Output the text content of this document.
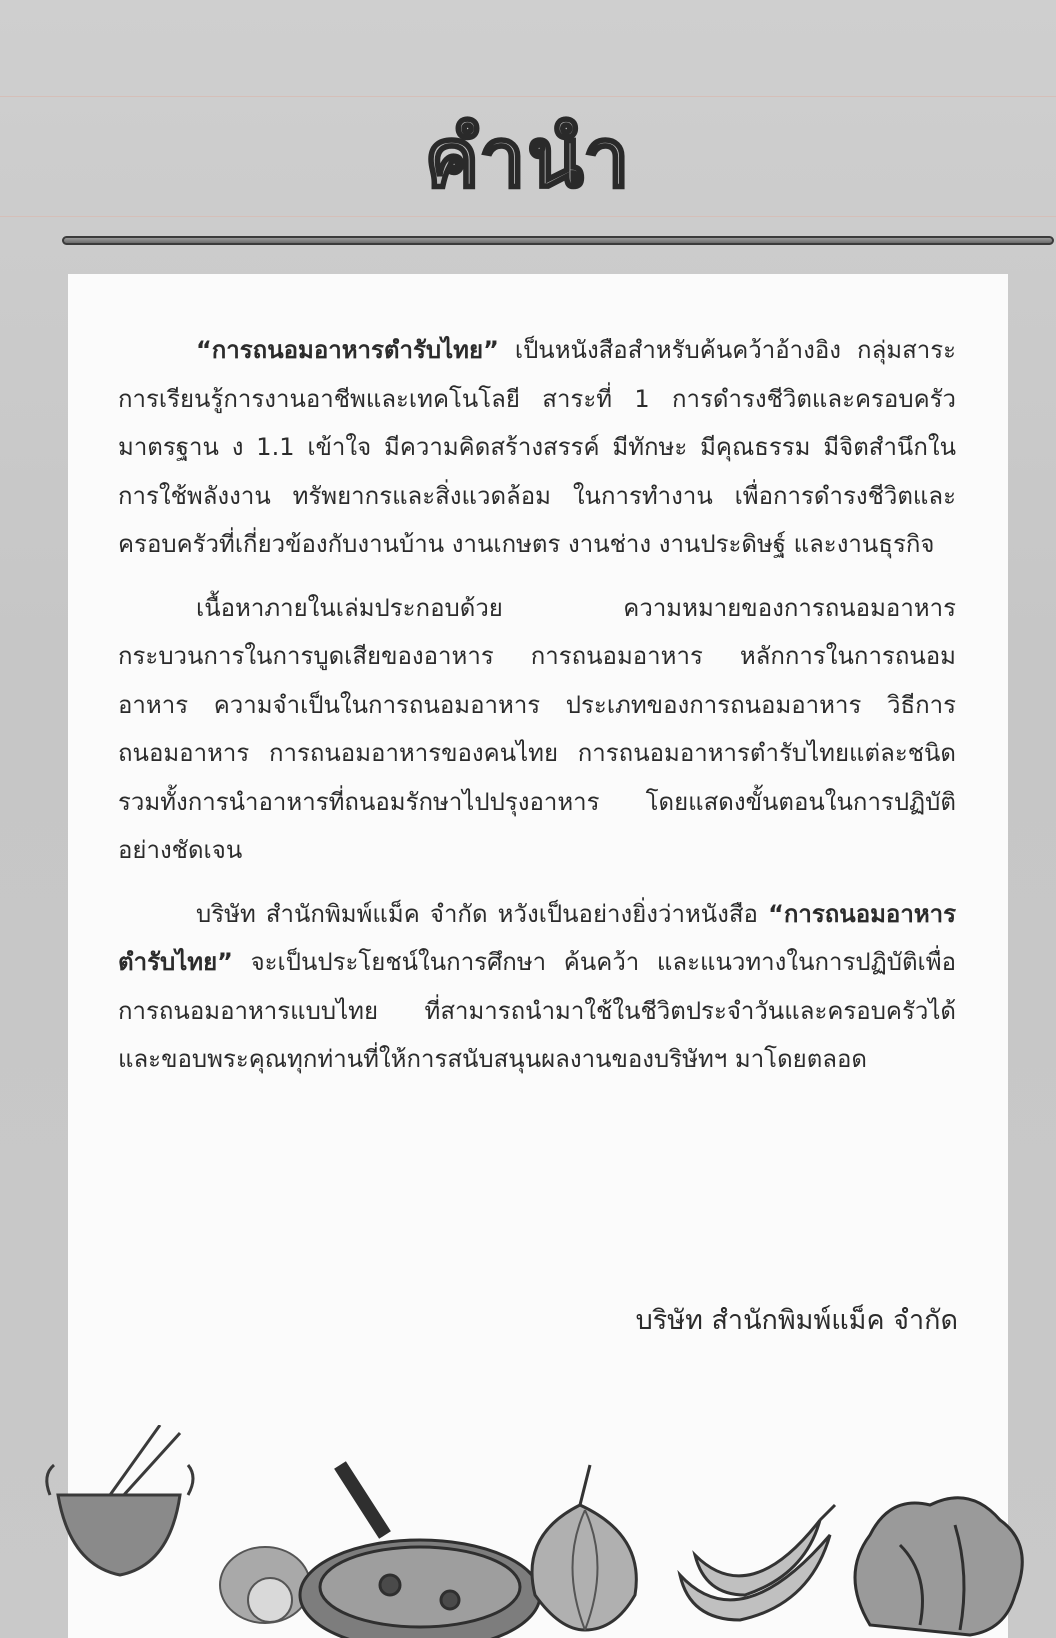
คำนำ

“การถนอมอาหารตำรับไทย” เป็นหนังสือสำหรับค้นคว้าอ้างอิง กลุ่มสาระการเรียนรู้การงานอาชีพและเทคโนโลยี สาระที่ 1 การดำรงชีวิตและครอบครัว มาตรฐาน ง 1.1 เข้าใจ มีความคิดสร้างสรรค์ มีทักษะ มีคุณธรรม มีจิตสำนึกในการใช้พลังงาน ทรัพยากรและสิ่งแวดล้อม ในการทำงาน เพื่อการดำรงชีวิตและครอบครัวที่เกี่ยวข้องกับงานบ้าน งานเกษตร งานช่าง งานประดิษฐ์ และงานธุรกิจ

เนื้อหาภายในเล่มประกอบด้วย ความหมายของการถนอมอาหาร กระบวนการในการบูดเสียของอาหาร การถนอมอาหาร หลักการในการถนอมอาหาร ความจำเป็นในการถนอมอาหาร ประเภทของการถนอมอาหาร วิธีการถนอมอาหาร การถนอมอาหารของคนไทย การถนอมอาหารตำรับไทยแต่ละชนิด รวมทั้งการนำอาหารที่ถนอมรักษาไปปรุงอาหาร โดยแสดงขั้นตอนในการปฏิบัติอย่างชัดเจน

บริษัท สำนักพิมพ์แม็ค จำกัด หวังเป็นอย่างยิ่งว่าหนังสือ “การถนอมอาหารตำรับไทย” จะเป็นประโยชน์ในการศึกษา ค้นคว้า และแนวทางในการปฏิบัติเพื่อการถนอมอาหารแบบไทย ที่สามารถนำมาใช้ในชีวิตประจำวันและครอบครัวได้ และขอบพระคุณทุกท่านที่ให้การสนับสนุนผลงานของบริษัทฯ มาโดยตลอด

บริษัท สำนักพิมพ์แม็ค จำกัด
